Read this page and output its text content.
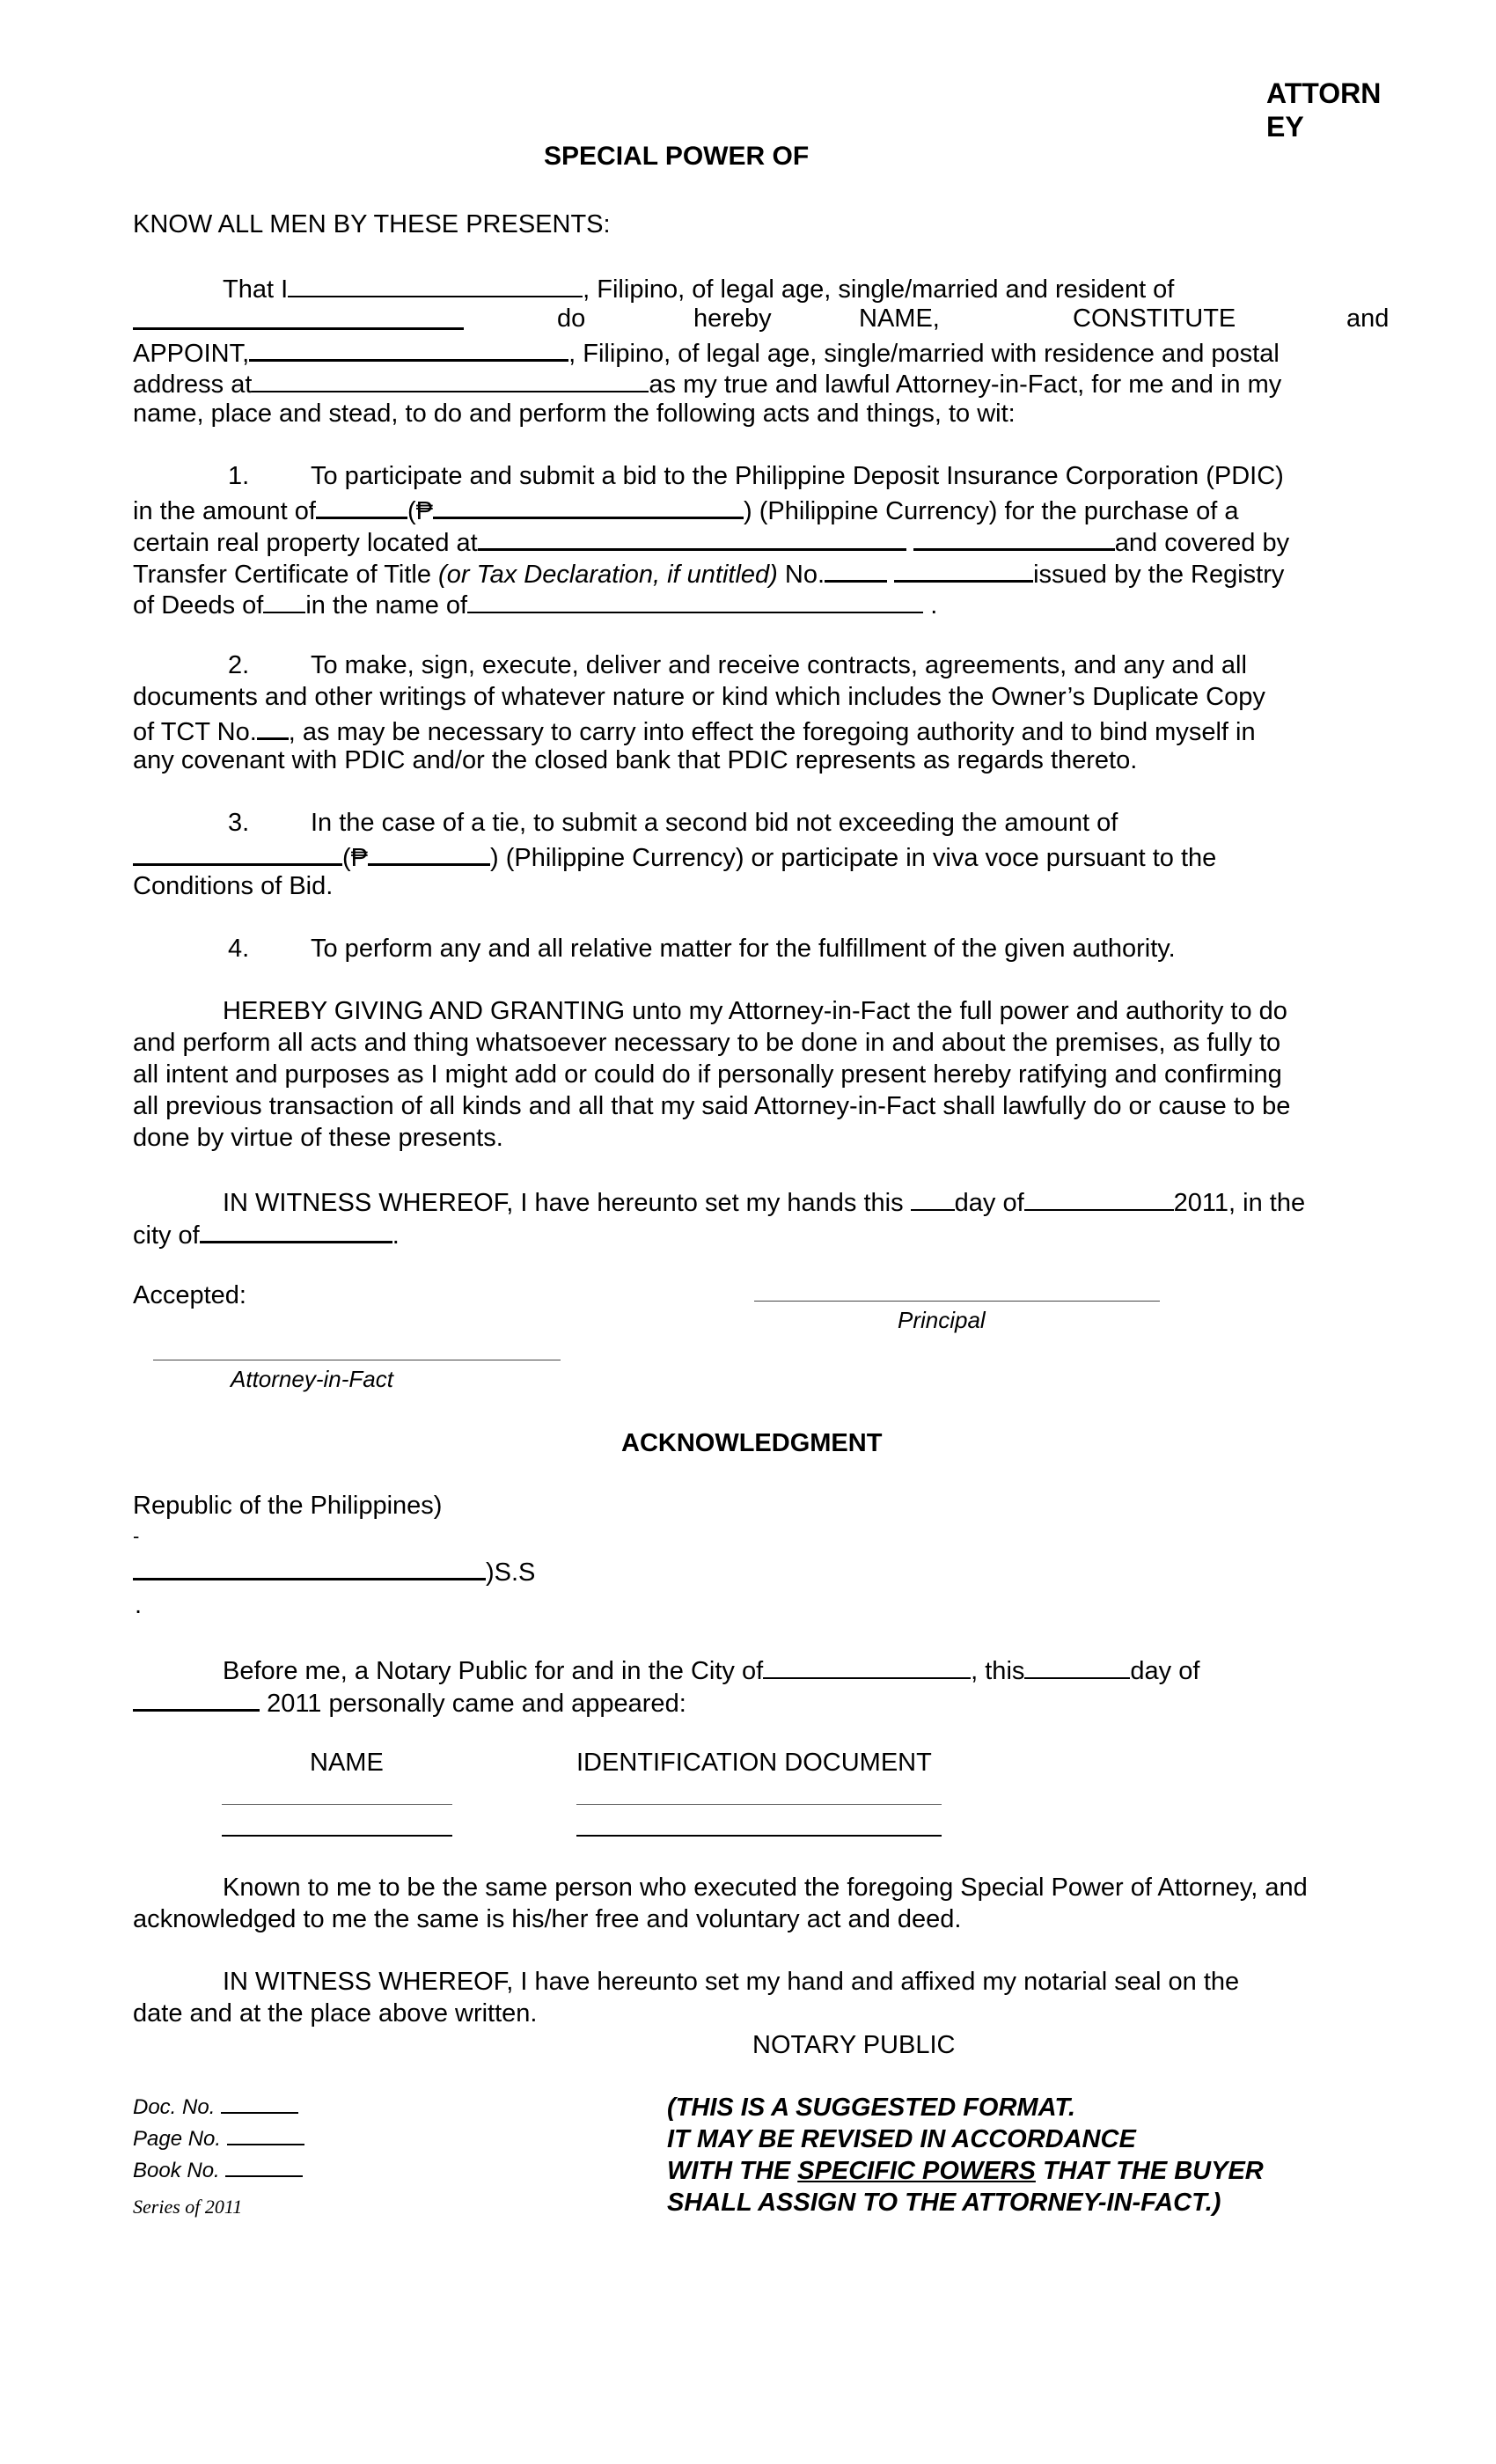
ATTORN
EY
SPECIAL POWER OF
KNOW ALL MEN BY THESE PRESENTS:
That I	, Filipino, of legal age, single/married and resident of
do	hereby	NAME,	CONSTITUTE	and
APPOINT,	, Filipino, of legal age, single/married with residence and postal
address at	as my true and lawful Attorney-in-Fact, for me and in my
name, place and stead, to do and perform the following acts and things, to wit:
1. To participate and submit a bid to the Philippine Deposit Insurance Corporation (PDIC)
in the amount of	(₱	) (Philippine Currency) for the purchase of a
certain real property located at	and covered by
Transfer Certificate of Title (or Tax Declaration, if untitled) No.	issued by the Registry
of Deeds of in the name of	.
2. To make, sign, execute, deliver and receive contracts, agreements, and any and all
documents and other writings of whatever nature or kind which includes the Owner’s Duplicate Copy
of TCT No. , as may be necessary to carry into effect the foregoing authority and to bind myself in
any covenant with PDIC and/or the closed bank that PDIC represents as regards thereto.
3. In the case of a tie, to submit a second bid not exceeding the amount of
(₱	) (Philippine Currency) or participate in viva voce pursuant to the
Conditions of Bid.
4. To perform any and all relative matter for the fulfillment of the given authority.
HEREBY GIVING AND GRANTING unto my Attorney-in-Fact the full power and authority to do
and perform all acts and thing whatsoever necessary to be done in and about the premises, as fully to
all intent and purposes as I might add or could do if personally present hereby ratifying and confirming
all previous transaction of all kinds and all that my said Attorney-in-Fact shall lawfully do or cause to be
done by virtue of these presents.
IN WITNESS WHEREOF, I have hereunto set my hands this day of	2011, in the
city of	.
Accepted:
Principal
Attorney-in-Fact
ACKNOWLEDGMENT
Republic of the Philippines)
-
)S.S
.
Before me, a Notary Public for and in the City of	, this	day of
2011 personally came and appeared:
NAME	IDENTIFICATION DOCUMENT
Known to me to be the same person who executed the foregoing Special Power of Attorney, and
acknowledged to me the same is his/her free and voluntary act and deed.
IN WITNESS WHEREOF, I have hereunto set my hand and affixed my notarial seal on the
date and at the place above written.
NOTARY PUBLIC
Doc. No.
Page No.
Book No.
Series of 2011
(THIS IS A SUGGESTED FORMAT.
IT MAY BE REVISED IN ACCORDANCE
WITH THE SPECIFIC POWERS THAT THE BUYER
SHALL ASSIGN TO THE ATTORNEY-IN-FACT.)
